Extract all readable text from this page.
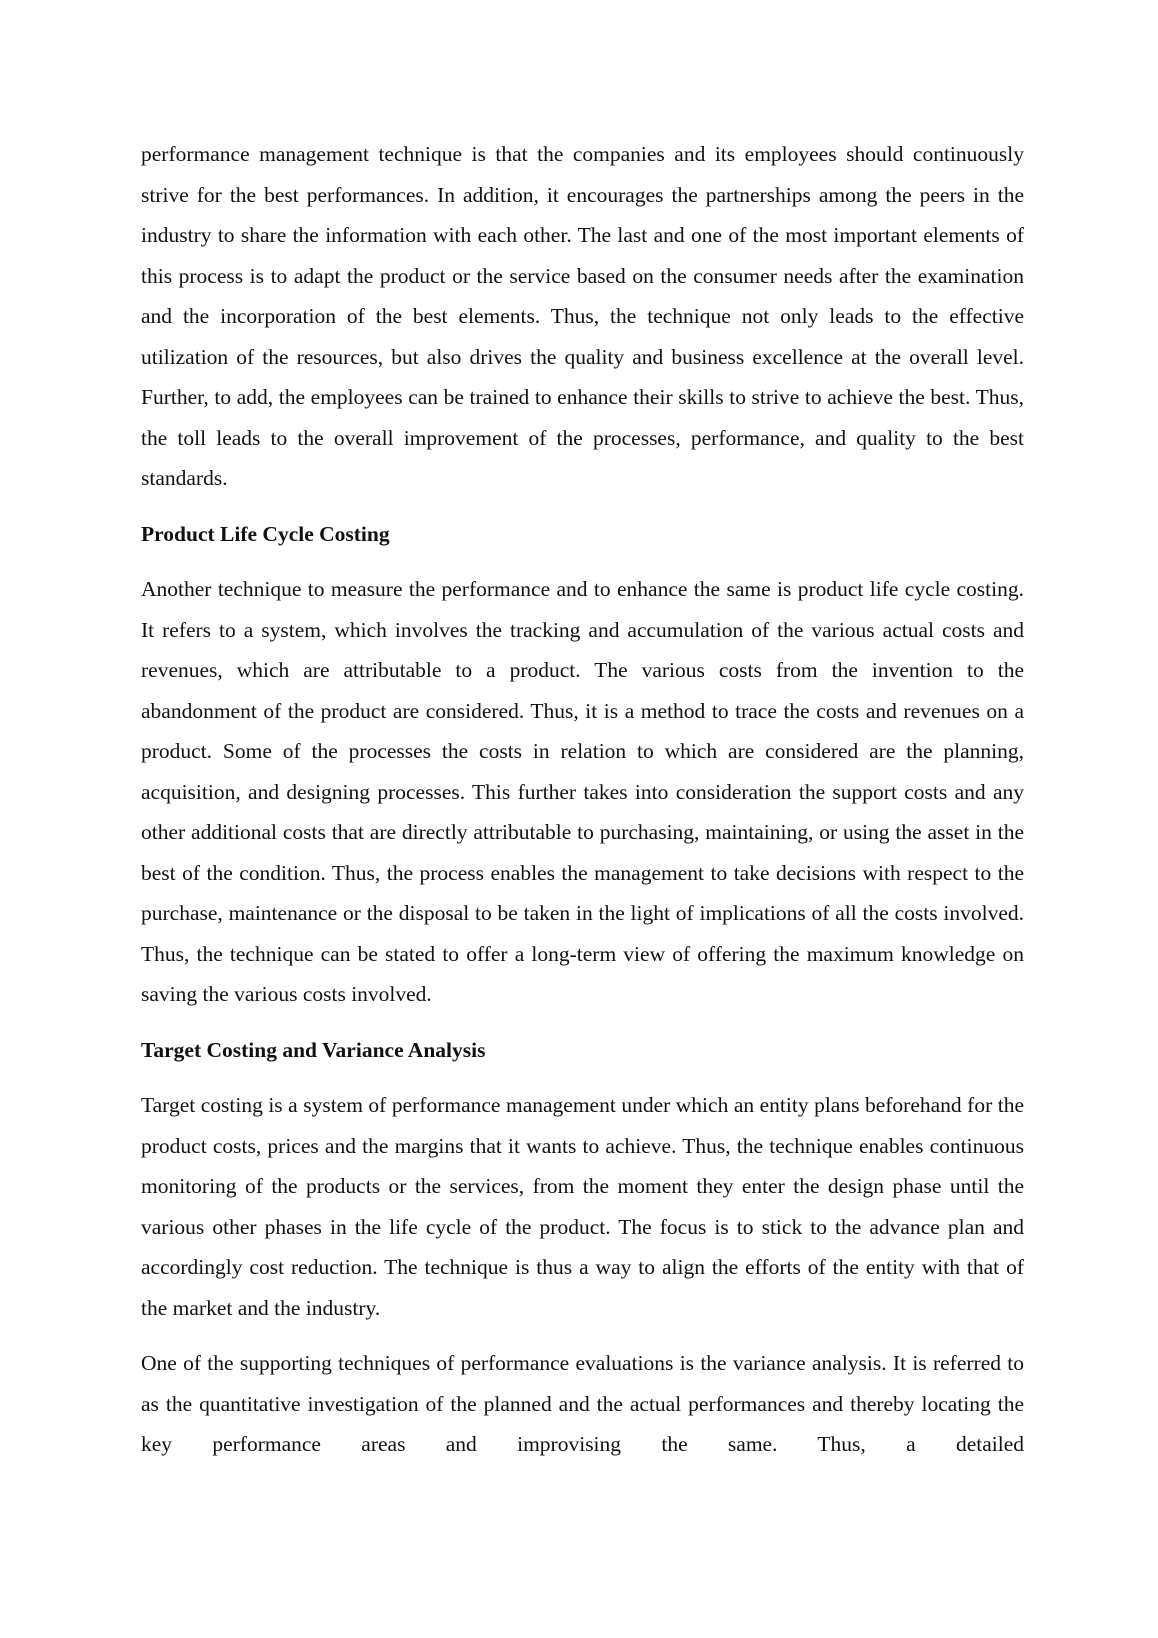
performance management technique is that the companies and its employees should continuously strive for the best performances. In addition, it encourages the partnerships among the peers in the industry to share the information with each other. The last and one of the most important elements of this process is to adapt the product or the service based on the consumer needs after the examination and the incorporation of the best elements. Thus, the technique not only leads to the effective utilization of the resources, but also drives the quality and business excellence at the overall level. Further, to add, the employees can be trained to enhance their skills to strive to achieve the best. Thus, the toll leads to the overall improvement of the processes, performance, and quality to the best standards.

Product Life Cycle Costing

Another technique to measure the performance and to enhance the same is product life cycle costing. It refers to a system, which involves the tracking and accumulation of the various actual costs and revenues, which are attributable to a product. The various costs from the invention to the abandonment of the product are considered. Thus, it is a method to trace the costs and revenues on a product. Some of the processes the costs in relation to which are considered are the planning, acquisition, and designing processes. This further takes into consideration the support costs and any other additional costs that are directly attributable to purchasing, maintaining, or using the asset in the best of the condition. Thus, the process enables the management to take decisions with respect to the purchase, maintenance or the disposal to be taken in the light of implications of all the costs involved. Thus, the technique can be stated to offer a long-term view of offering the maximum knowledge on saving the various costs involved.

Target Costing and Variance Analysis

Target costing is a system of performance management under which an entity plans beforehand for the product costs, prices and the margins that it wants to achieve. Thus, the technique enables continuous monitoring of the products or the services, from the moment they enter the design phase until the various other phases in the life cycle of the product. The focus is to stick to the advance plan and accordingly cost reduction. The technique is thus a way to align the efforts of the entity with that of the market and the industry.

One of the supporting techniques of performance evaluations is the variance analysis. It is referred to as the quantitative investigation of the planned and the actual performances and thereby locating the key performance areas and improvising the same. Thus, a detailed
